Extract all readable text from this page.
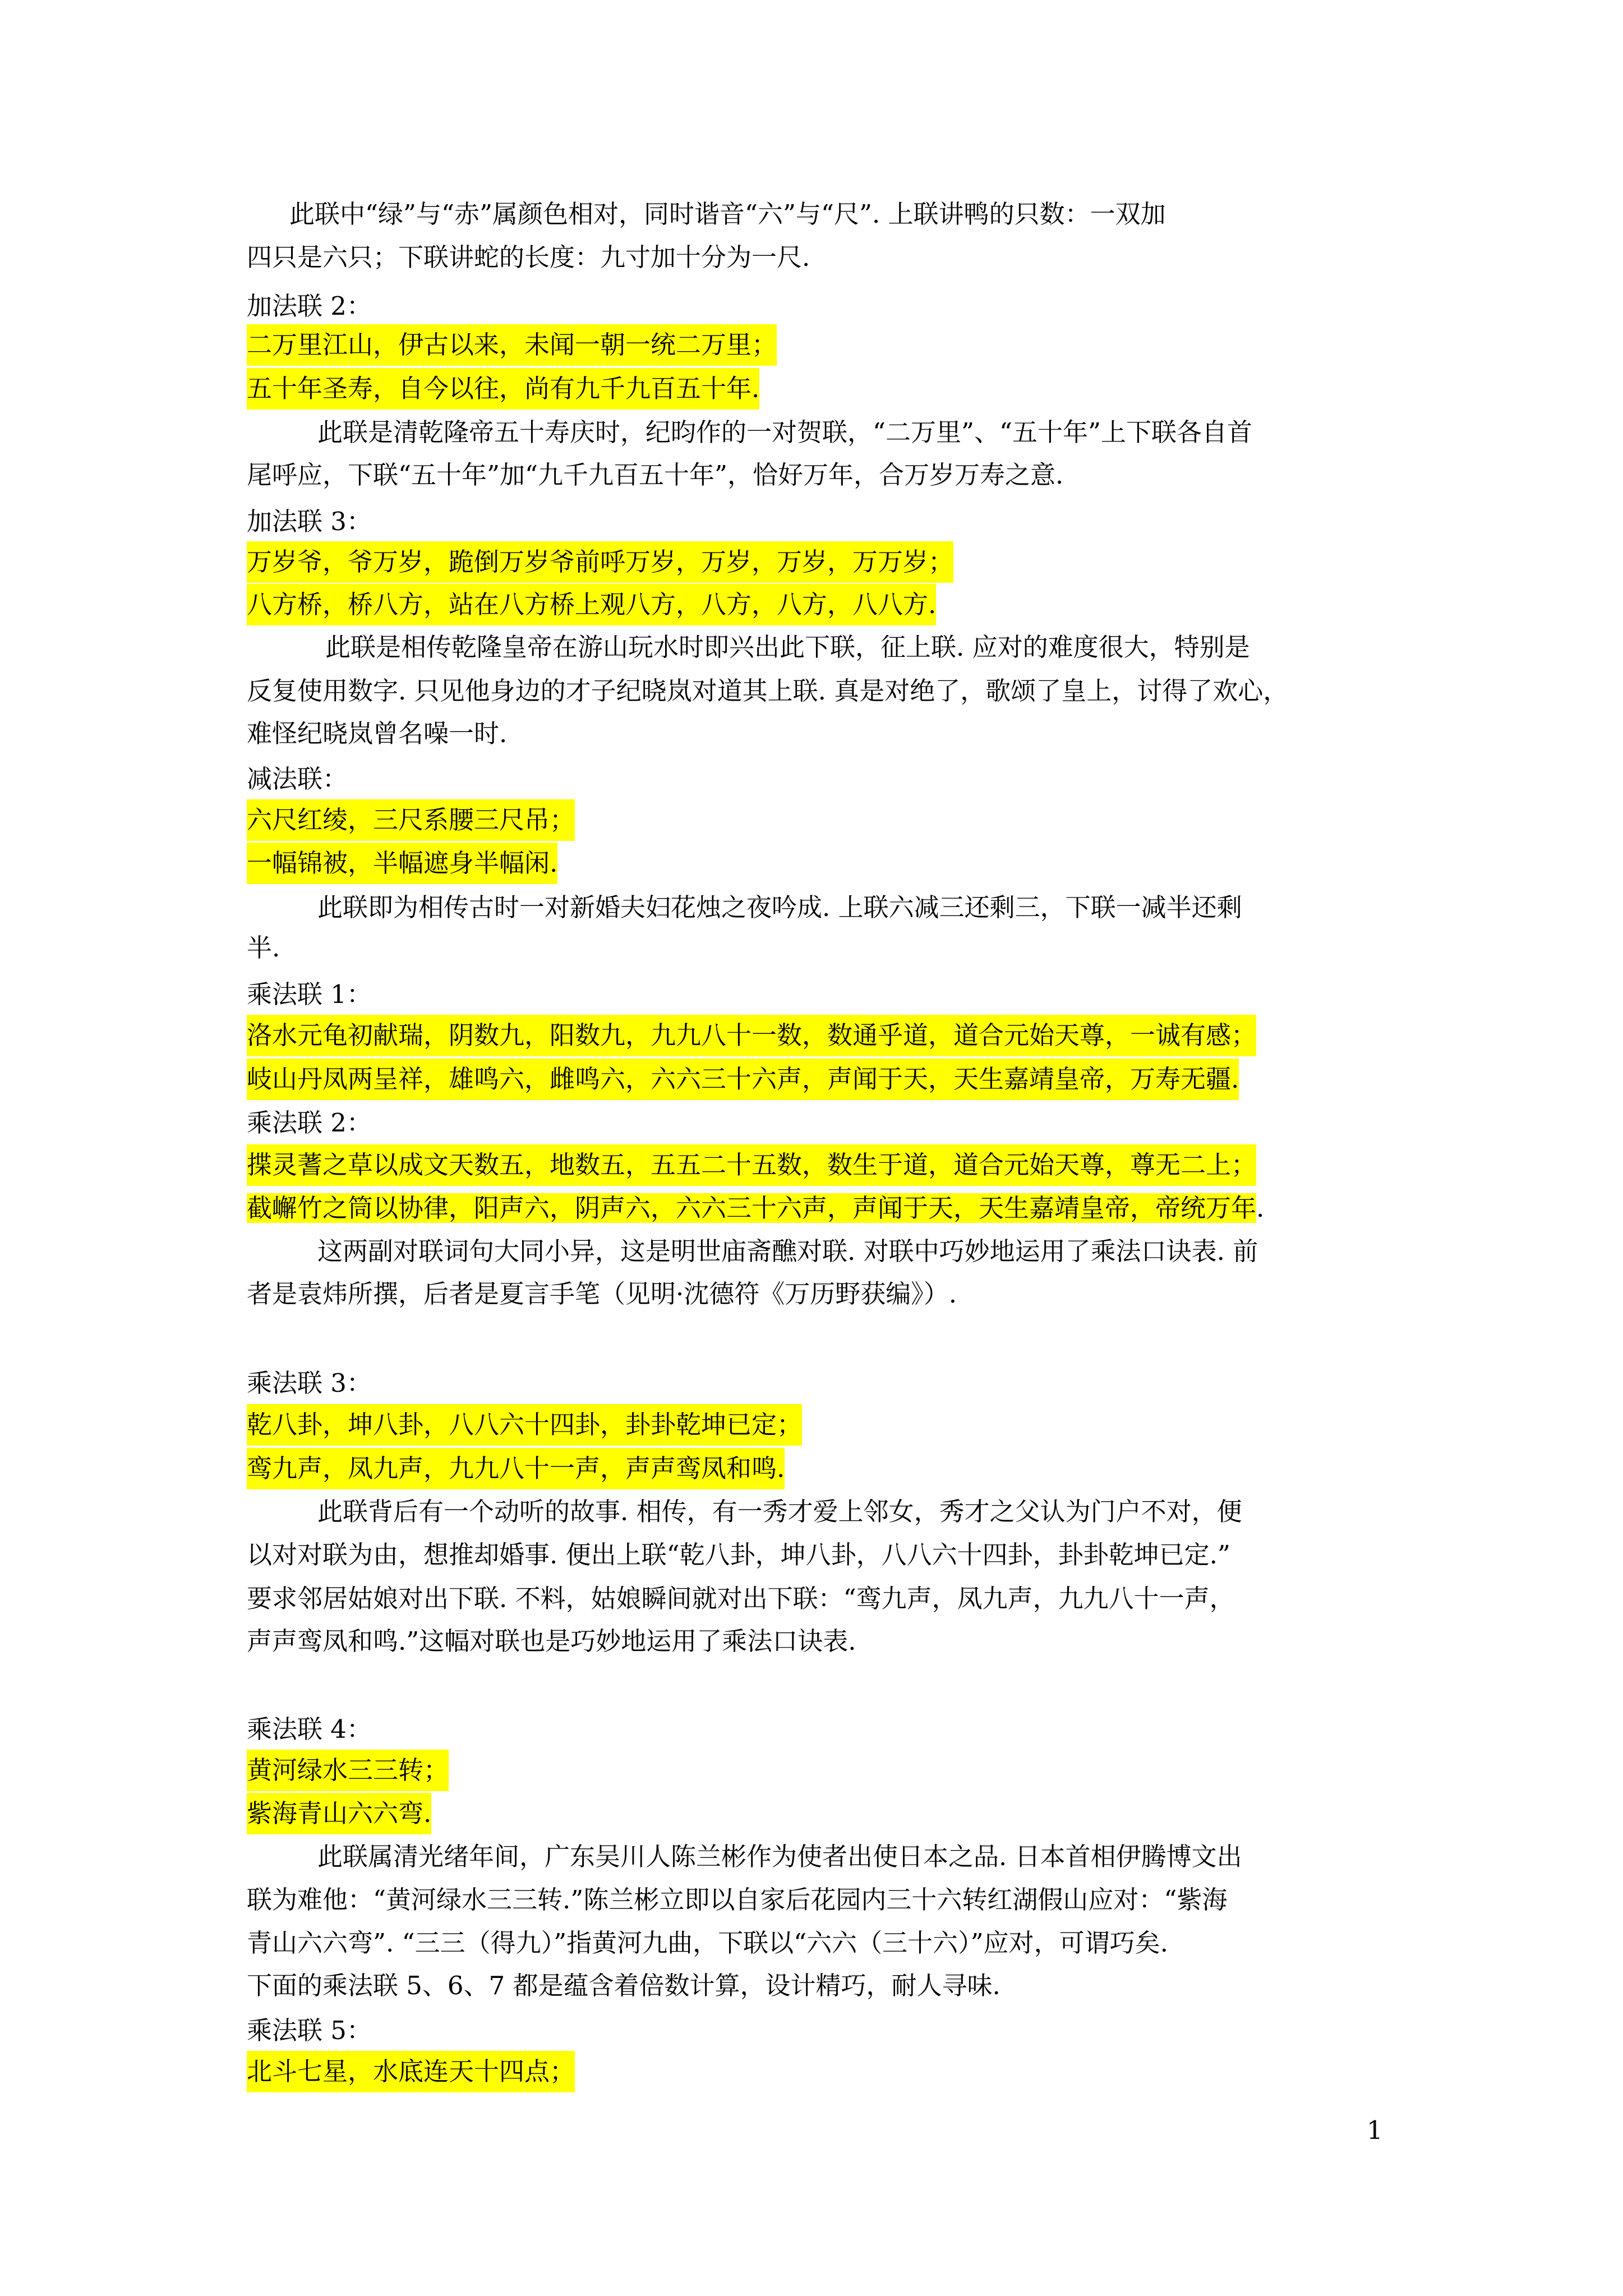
此联中“绿”与“赤”属颜色相对，同时谐音“六”与“尺”. 上联讲鸭的只数：一双加
四只是六只；下联讲蛇的长度：九寸加十分为一尺.
加法联 2：
二万里江山，伊古以来，未闻一朝一统二万里；
五十年圣寿，自今以往，尚有九千九百五十年.
此联是清乾隆帝五十寿庆时，纪昀作的一对贺联，“二万里”、“五十年”上下联各自首
尾呼应，下联“五十年”加“九千九百五十年”，恰好万年，合万岁万寿之意.
加法联 3：
万岁爷，爷万岁，跪倒万岁爷前呼万岁，万岁，万岁，万万岁；
八方桥，桥八方，站在八方桥上观八方，八方，八方，八八方.
此联是相传乾隆皇帝在游山玩水时即兴出此下联，征上联. 应对的难度很大，特别是
反复使用数字. 只见他身边的才子纪晓岚对道其上联. 真是对绝了，歌颂了皇上，讨得了欢心，
难怪纪晓岚曾名噪一时.
减法联：
六尺红绫，三尺系腰三尺吊；
一幅锦被，半幅遮身半幅闲.
此联即为相传古时一对新婚夫妇花烛之夜吟成. 上联六减三还剩三，下联一减半还剩
半.
乘法联 1：
洛水元龟初献瑞，阴数九，阳数九，九九八十一数，数通乎道，道合元始天尊，一诚有感；
岐山丹凤两呈祥，雄鸣六，雌鸣六，六六三十六声，声闻于天，天生嘉靖皇帝，万寿无疆.
乘法联 2：
揲灵蓍之草以成文天数五，地数五，五五二十五数，数生于道，道合元始天尊，尊无二上；
截嶰竹之筒以协律，阳声六，阴声六，六六三十六声，声闻于天，天生嘉靖皇帝，帝统万年.
这两副对联词句大同小异，这是明世庙斋醮对联. 对联中巧妙地运用了乘法口诀表. 前
者是袁炜所撰，后者是夏言手笔（见明·沈德符《万历野获编》）.
乘法联 3：
乾八卦，坤八卦，八八六十四卦，卦卦乾坤已定；
鸾九声，凤九声，九九八十一声，声声鸾凤和鸣.
此联背后有一个动听的故事. 相传，有一秀才爱上邻女，秀才之父认为门户不对，便
以对对联为由，想推却婚事. 便出上联“乾八卦，坤八卦，八八六十四卦，卦卦乾坤已定.”
要求邻居姑娘对出下联. 不料，姑娘瞬间就对出下联：“鸾九声，凤九声，九九八十一声，
声声鸾凤和鸣.”这幅对联也是巧妙地运用了乘法口诀表.
乘法联 4：
黄河绿水三三转；
紫海青山六六弯.
此联属清光绪年间，广东吴川人陈兰彬作为使者出使日本之品. 日本首相伊腾博文出
联为难他：“黄河绿水三三转.”陈兰彬立即以自家后花园内三十六转红湖假山应对：“紫海
青山六六弯”. “三三（得九）”指黄河九曲，下联以“六六（三十六）”应对，可谓巧矣.
下面的乘法联 5、6、7 都是蕴含着倍数计算，设计精巧，耐人寻味.
乘法联 5：
北斗七星，水底连天十四点；
1
